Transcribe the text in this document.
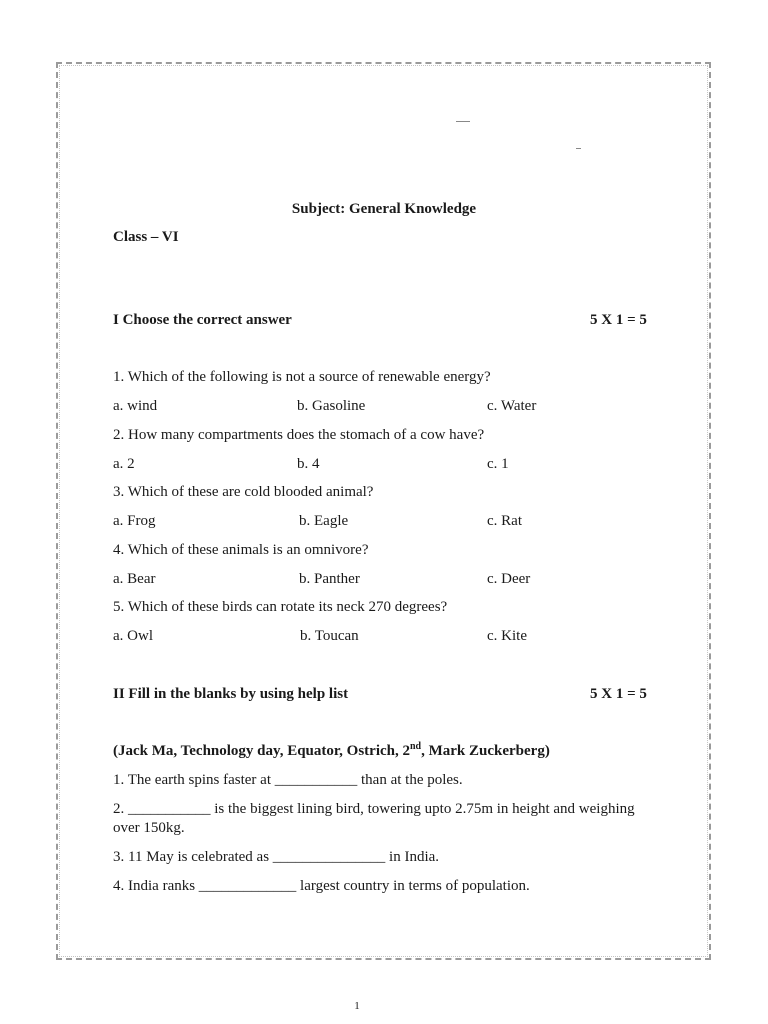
Subject: General Knowledge
Class – VI
I Choose the correct answer	5 X 1 = 5
1. Which of the following is not a source of renewable energy?
a. wind	b. Gasoline	c. Water
2. How many compartments does the stomach of a cow have?
a. 2	b. 4	c. 1
3. Which of these are cold blooded animal?
a. Frog	b. Eagle	c. Rat
4. Which of these animals is an omnivore?
a. Bear	b. Panther	c. Deer
5. Which of these birds can rotate its neck 270 degrees?
a. Owl	b. Toucan	c. Kite
II Fill in the blanks by using help list	5 X 1 = 5
(Jack Ma, Technology day, Equator, Ostrich, 2nd, Mark Zuckerberg)
1. The earth spins faster at ___________ than at the poles.
2. ___________ is the biggest lining bird, towering upto 2.75m in height and weighing over 150kg.
3. 11 May is celebrated as _______________ in India.
4. India ranks _____________ largest country in terms of population.
1
